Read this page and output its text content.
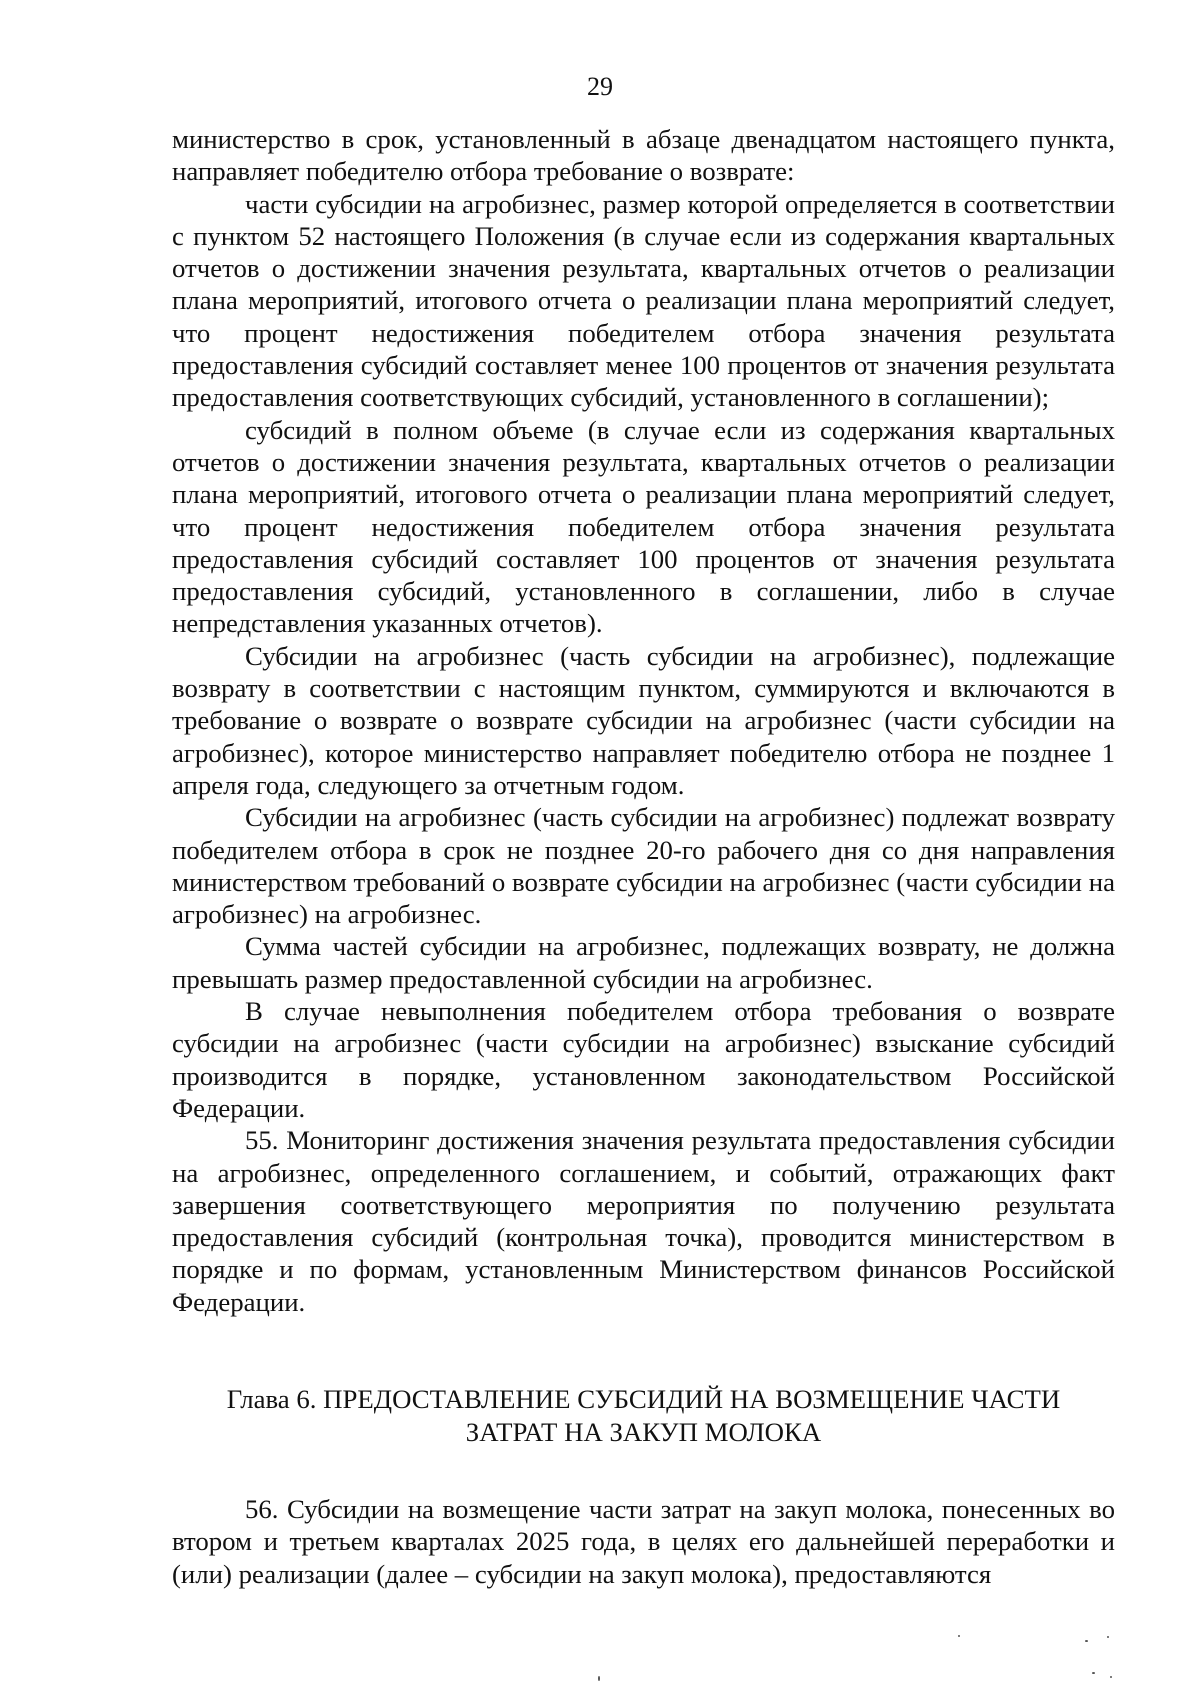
29

министерство в срок, установленный в абзаце двенадцатом настоящего пункта, направляет победителю отбора требование о возврате:

части субсидии на агробизнес, размер которой определяется в соответствии с пунктом 52 настоящего Положения (в случае если из содержания квартальных отчетов о достижении значения результата, квартальных отчетов о реализации плана мероприятий, итогового отчета о реализации плана мероприятий следует, что процент недостижения победителем отбора значения результата предоставления субсидий составляет менее 100 процентов от значения результата предоставления соответствующих субсидий, установленного в соглашении);

субсидий в полном объеме (в случае если из содержания квартальных отчетов о достижении значения результата, квартальных отчетов о реализации плана мероприятий, итогового отчета о реализации плана мероприятий следует, что процент недостижения победителем отбора значения результата предоставления субсидий составляет 100 процентов от значения результата предоставления субсидий, установленного в соглашении, либо в случае непредставления указанных отчетов).

Субсидии на агробизнес (часть субсидии на агробизнес), подлежащие возврату в соответствии с настоящим пунктом, суммируются и включаются в требование о возврате о возврате субсидии на агробизнес (части субсидии на агробизнес), которое министерство направляет победителю отбора не позднее 1 апреля года, следующего за отчетным годом.

Субсидии на агробизнес (часть субсидии на агробизнес) подлежат возврату победителем отбора в срок не позднее 20-го рабочего дня со дня направления министерством требований о возврате субсидии на агробизнес (части субсидии на агробизнес) на агробизнес.

Сумма частей субсидии на агробизнес, подлежащих возврату, не должна превышать размер предоставленной субсидии на агробизнес.

В случае невыполнения победителем отбора требования о возврате субсидии на агробизнес (части субсидии на агробизнес) взыскание субсидий производится в порядке, установленном законодательством Российской Федерации.

55. Мониторинг достижения значения результата предоставления субсидии на агробизнес, определенного соглашением, и событий, отражающих факт завершения соответствующего мероприятия по получению результата предоставления субсидий (контрольная точка), проводится министерством в порядке и по формам, установленным Министерством финансов Российской Федерации.

Глава 6. ПРЕДОСТАВЛЕНИЕ СУБСИДИЙ НА ВОЗМЕЩЕНИЕ ЧАСТИ
ЗАТРАТ НА ЗАКУП МОЛОКА

56. Субсидии на возмещение части затрат на закуп молока, понесенных во втором и третьем кварталах 2025 года, в целях его дальнейшей переработки и (или) реализации (далее – субсидии на закуп молока), предоставляются
